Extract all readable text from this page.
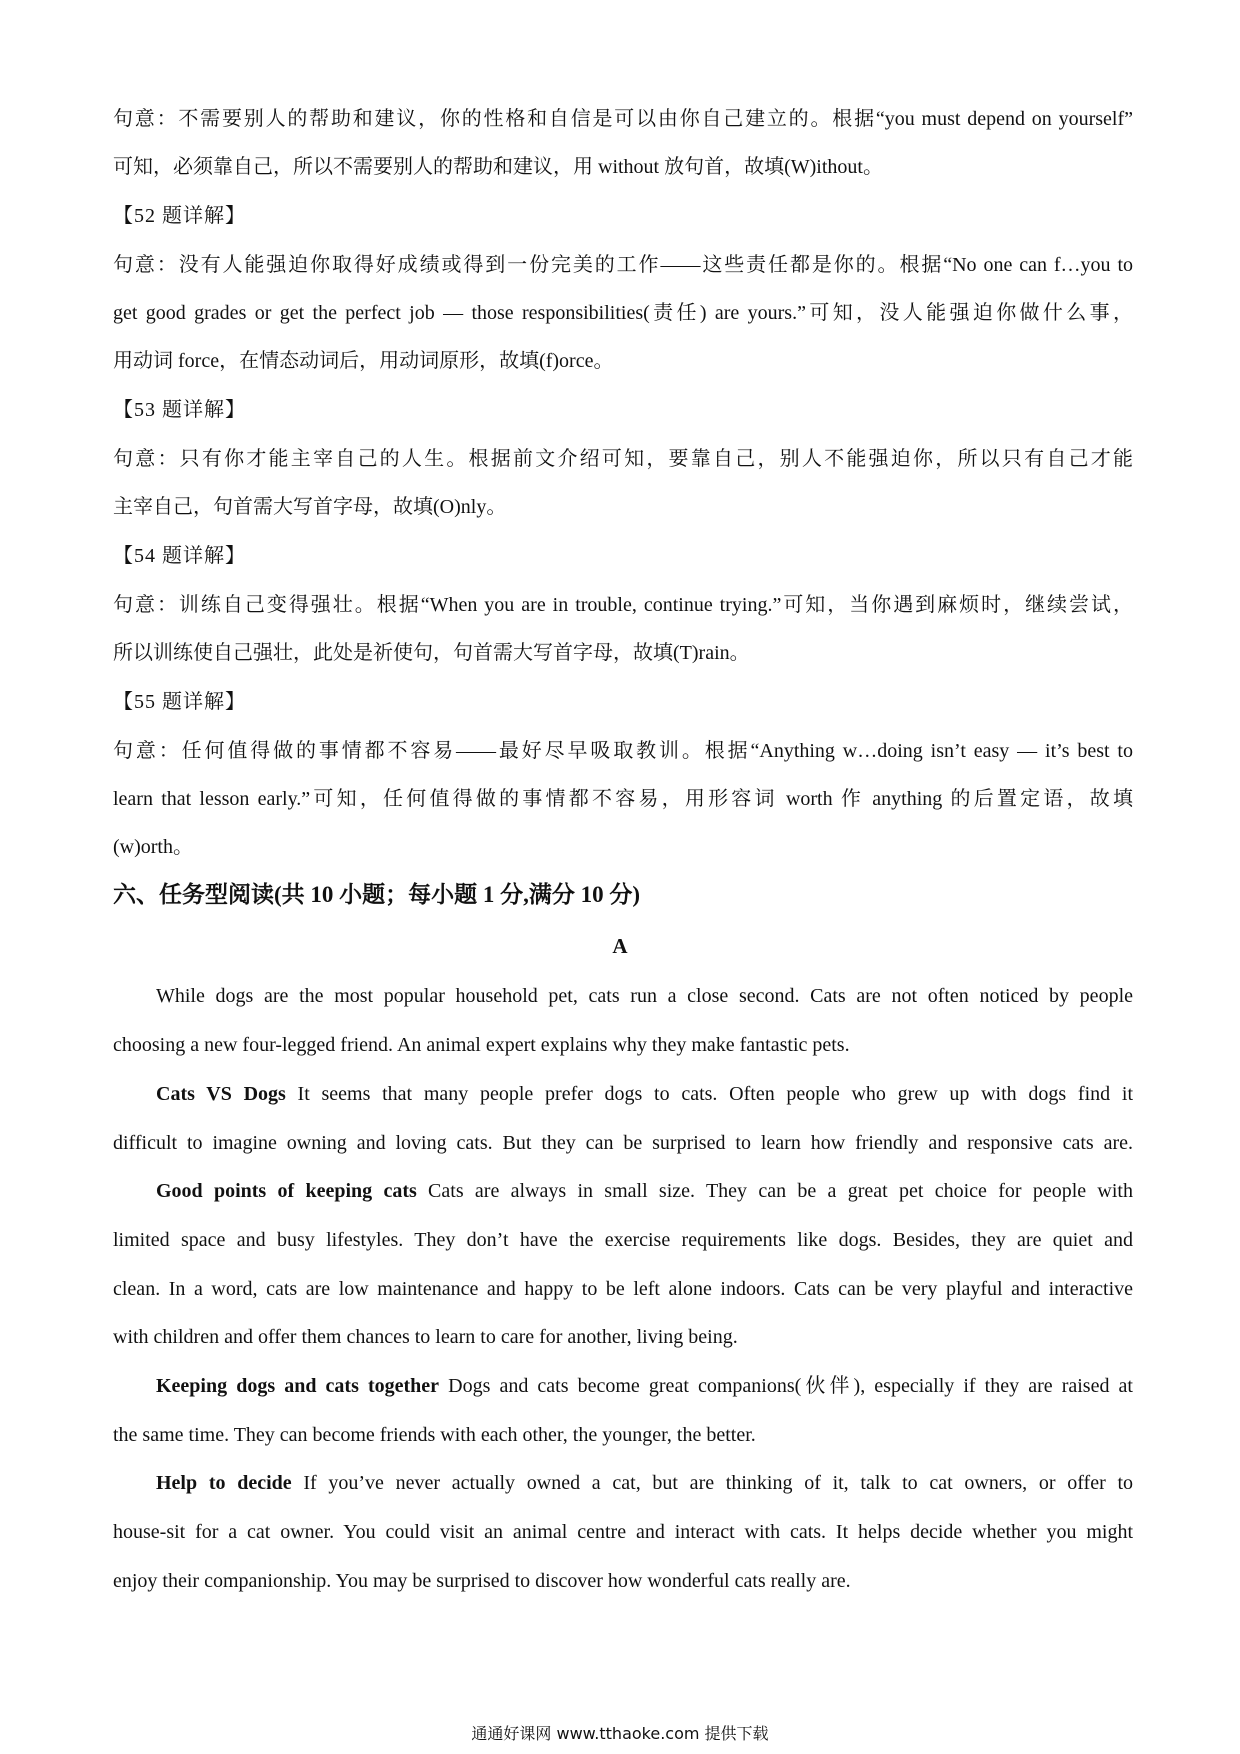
句意：不需要别人的帮助和建议，你的性格和自信是可以由你自己建立的。根据“you must depend on yourself”
可知，必须靠自己，所以不需要别人的帮助和建议，用 without 放句首，故填(W)ithout。
【52 题详解】
句意：没有人能强迫你取得好成绩或得到一份完美的工作——这些责任都是你的。根据“No one can f…you to
get good grades or get the perfect job — those responsibilities(责任) are yours.”可知，没人能强迫你做什么事，
用动词 force，在情态动词后，用动词原形，故填(f)orce。
【53 题详解】
句意：只有你才能主宰自己的人生。根据前文介绍可知，要靠自己，别人不能强迫你，所以只有自己才能
主宰自己，句首需大写首字母，故填(O)nly。
【54 题详解】
句意：训练自己变得强壮。根据“When you are in trouble, continue trying.”可知，当你遇到麻烦时，继续尝试，
所以训练使自己强壮，此处是祈使句，句首需大写首字母，故填(T)rain。
【55 题详解】
句意：任何值得做的事情都不容易——最好尽早吸取教训。根据“Anything w…doing isn’t easy — it’s best to
learn that lesson early.”可知，任何值得做的事情都不容易，用形容词 worth 作 anything 的后置定语，故填
(w)orth。
六、任务型阅读(共 10 小题；每小题 1 分,满分 10 分)
A
While dogs are the most popular household pet, cats run a close second. Cats are not often noticed by people
choosing a new four-legged friend. An animal expert explains why they make fantastic pets.
Cats VS Dogs It seems that many people prefer dogs to cats. Often people who grew up with dogs find it
difficult to imagine owning and loving cats. But they can be surprised to learn how friendly and responsive cats are.
Good points of keeping cats Cats are always in small size. They can be a great pet choice for people with
limited space and busy lifestyles. They don’t have the exercise requirements like dogs. Besides, they are quiet and
clean. In a word, cats are low maintenance and happy to be left alone indoors. Cats can be very playful and interactive
with children and offer them chances to learn to care for another, living being.
Keeping dogs and cats together Dogs and cats become great companions(伙伴), especially if they are raised at
the same time. They can become friends with each other, the younger, the better.
Help to decide If you’ve never actually owned a cat, but are thinking of it, talk to cat owners, or offer to
house-sit for a cat owner. You could visit an animal centre and interact with cats. It helps decide whether you might
enjoy their companionship. You may be surprised to discover how wonderful cats really are.
通通好课网 www.tthaoke.com 提供下载
